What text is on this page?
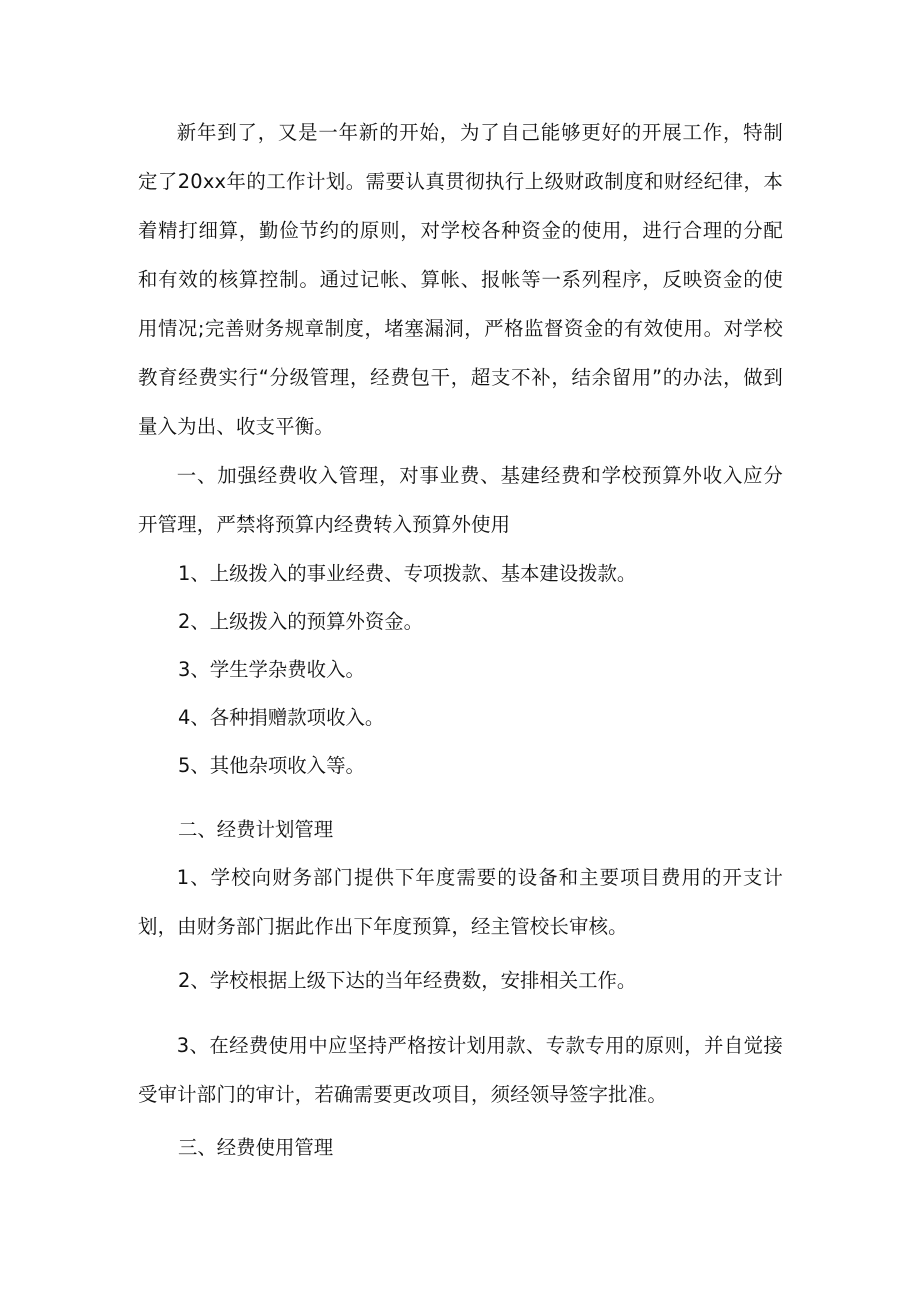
新年到了，又是一年新的开始，为了自己能够更好的开展工作，特制定了20xx年的工作计划。需要认真贯彻执行上级财政制度和财经纪律，本着精打细算，勤俭节约的原则，对学校各种资金的使用，进行合理的分配和有效的核算控制。通过记帐、算帐、报帐等一系列程序，反映资金的使用情况;完善财务规章制度，堵塞漏洞，严格监督资金的有效使用。对学校教育经费实行“分级管理，经费包干，超支不补，结余留用”的办法，做到量入为出、收支平衡。

一、加强经费收入管理，对事业费、基建经费和学校预算外收入应分开管理，严禁将预算内经费转入预算外使用

1、上级拨入的事业经费、专项拨款、基本建设拨款。

2、上级拨入的预算外资金。

3、学生学杂费收入。

4、各种捐赠款项收入。

5、其他杂项收入等。

二、经费计划管理

1、学校向财务部门提供下年度需要的设备和主要项目费用的开支计划，由财务部门据此作出下年度预算，经主管校长审核。

2、学校根据上级下达的当年经费数，安排相关工作。

3、在经费使用中应坚持严格按计划用款、专款专用的原则，并自觉接受审计部门的审计，若确需要更改项目，须经领导签字批准。

三、经费使用管理
